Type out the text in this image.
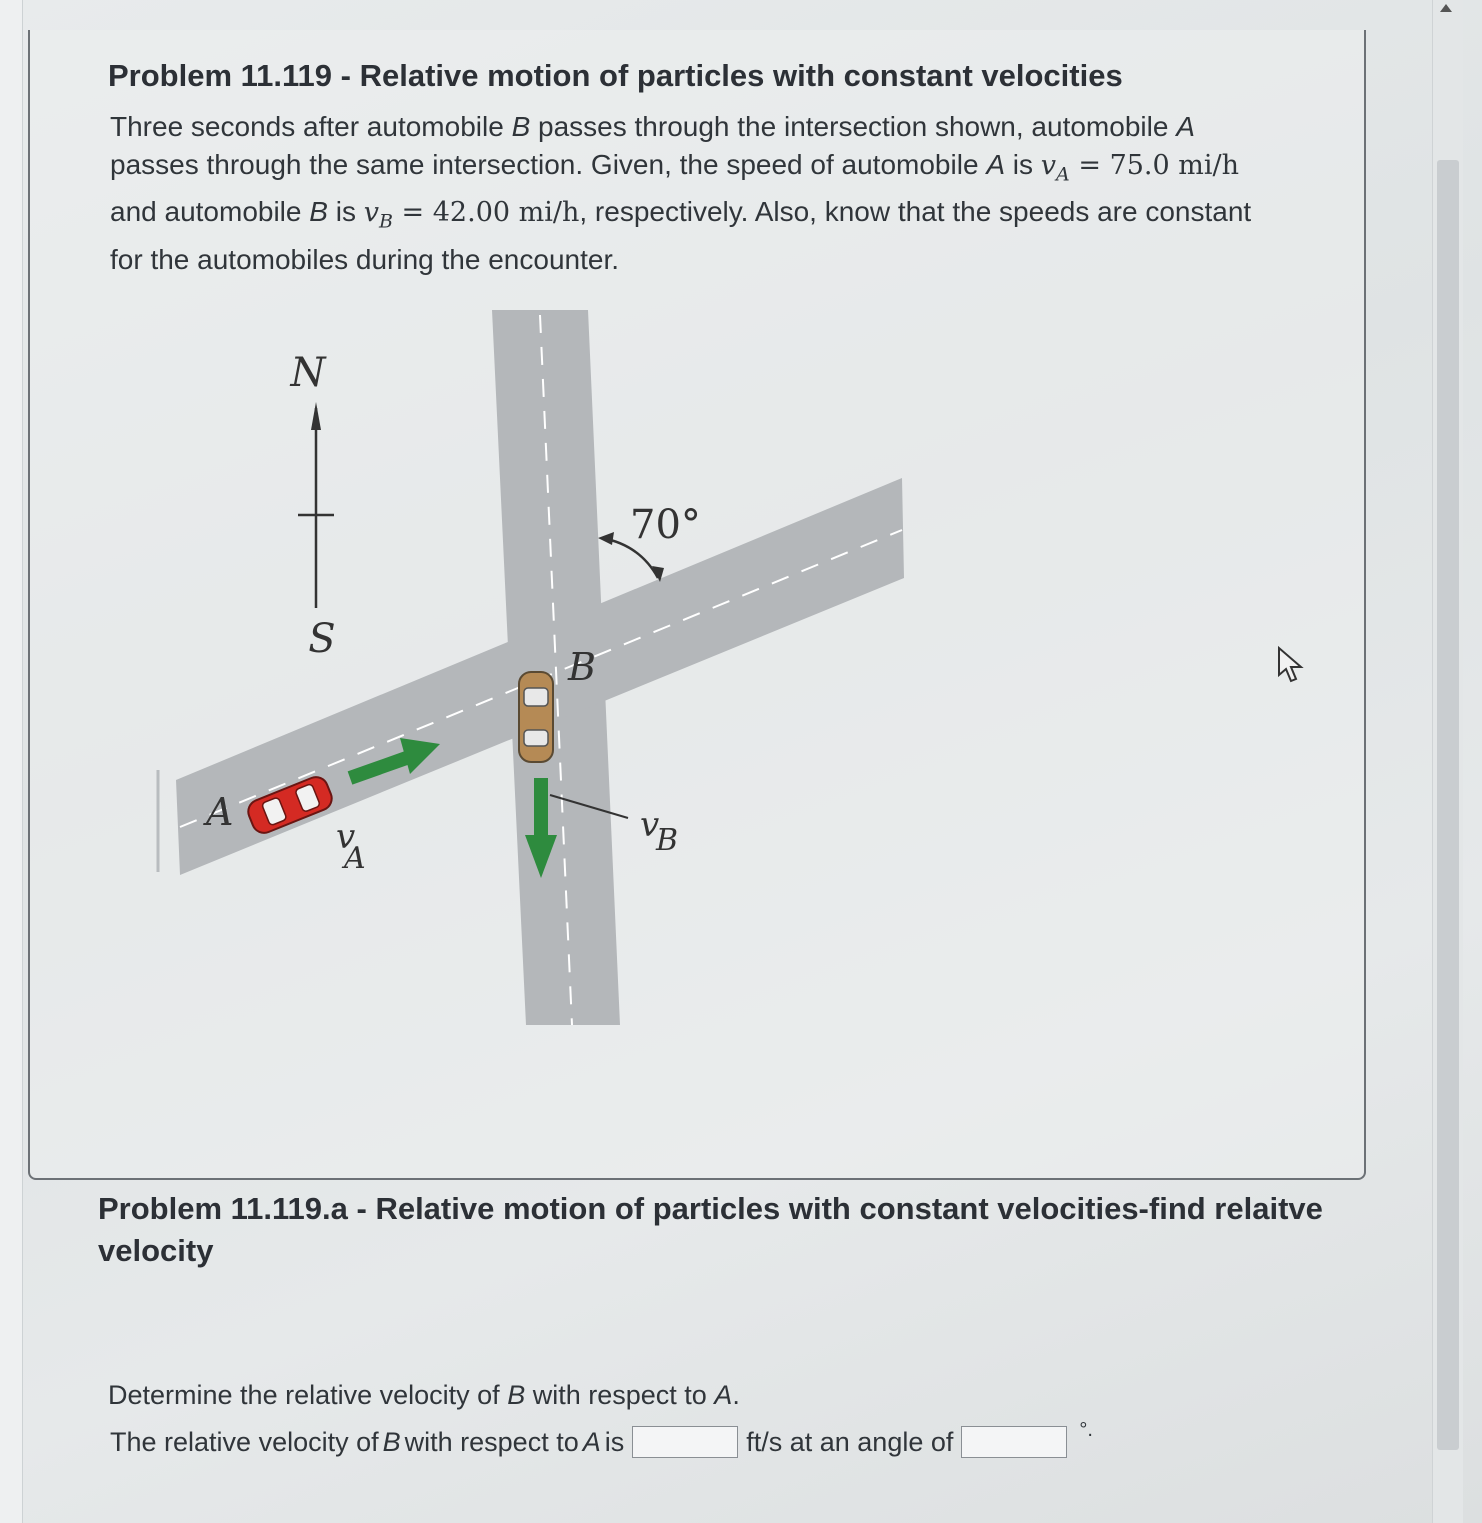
Problem 11.119 - Relative motion of particles with constant velocities

Three seconds after automobile B passes through the intersection shown, automobile A passes through the same intersection. Given, the speed of automobile A is $v_A = 75.0$ mi/h and automobile B is $v_B = 42.00$ mi/h, respectively. Also, know that the speeds are constant for the automobiles during the encounter.

N
S
70°
B
A
v
A
v
B
Problem 11.119.a - Relative motion of particles with constant velocities-find relaitve velocity

Determine the relative velocity of B with respect to A.

The relative velocity of B with respect to A is	ft/s at an angle of	°.
